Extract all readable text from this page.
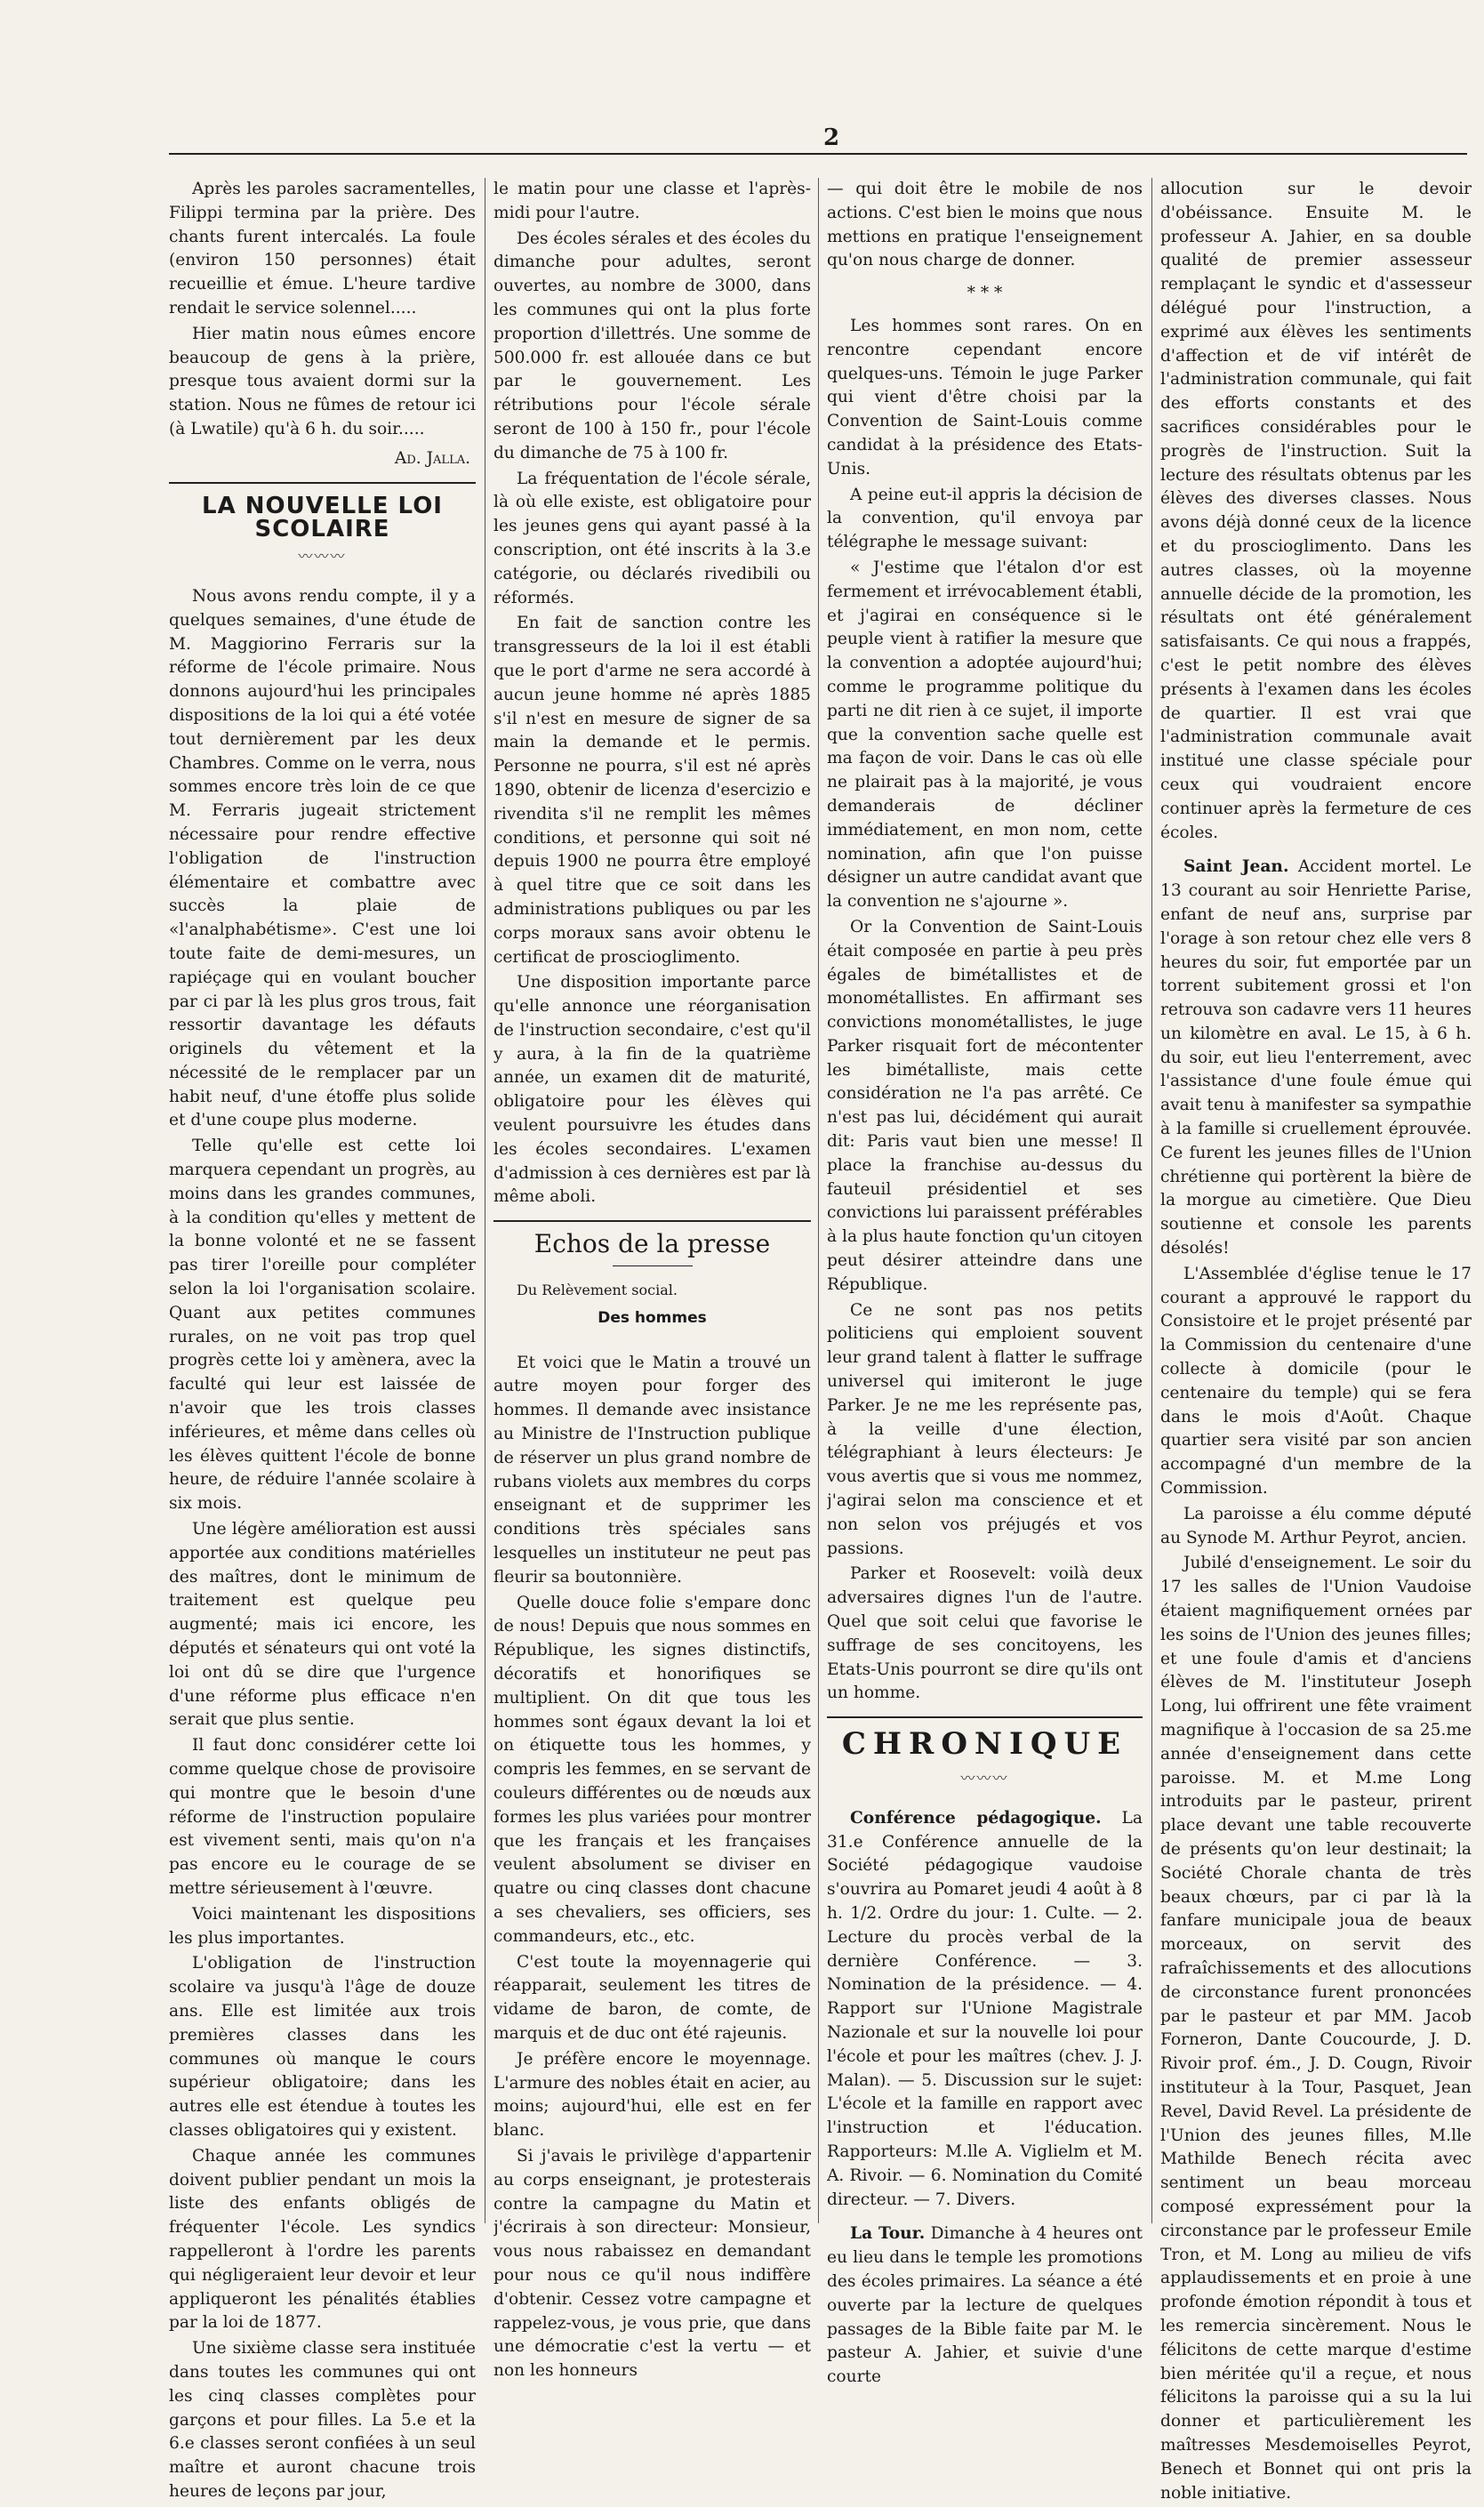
2

Après les paroles sacramentelles, Filippi termina par la prière. Des chants furent intercalés. La foule (environ 150 personnes) était recueillie et émue. L'heure tardive rendait le service solennel.....

Hier matin nous eûmes encore beaucoup de gens à la prière, presque tous avaient dormi sur la station. Nous ne fûmes de retour ici (à Lwatile) qu'à 6 h. du soir.....

Ad. Jalla.
LA NOUVELLE LOI SCOLAIRE
〰〰〰

Nous avons rendu compte, il y a quelques semaines, d'une étude de M. Maggiorino Ferraris sur la réforme de l'école primaire. Nous donnons aujourd'hui les principales dispositions de la loi qui a été votée tout dernièrement par les deux Chambres. Comme on le verra, nous sommes encore très loin de ce que M. Ferraris jugeait strictement nécessaire pour rendre effective l'obligation de l'instruction élémentaire et combattre avec succès la plaie de «l'analphabétisme». C'est une loi toute faite de demi-mesures, un rapiéçage qui en voulant boucher par ci par là les plus gros trous, fait ressortir davantage les défauts originels du vêtement et la nécessité de le remplacer par un habit neuf, d'une étoffe plus solide et d'une coupe plus moderne.

Telle qu'elle est cette loi marquera cependant un progrès, au moins dans les grandes communes, à la condition qu'elles y mettent de la bonne volonté et ne se fassent pas tirer l'oreille pour compléter selon la loi l'organisation scolaire. Quant aux petites communes rurales, on ne voit pas trop quel progrès cette loi y amènera, avec la faculté qui leur est laissée de n'avoir que les trois classes inférieures, et même dans celles où les élèves quittent l'école de bonne heure, de réduire l'année scolaire à six mois.

Une légère amélioration est aussi apportée aux conditions matérielles des maîtres, dont le minimum de traitement est quelque peu augmenté; mais ici encore, les députés et sénateurs qui ont voté la loi ont dû se dire que l'urgence d'une réforme plus efficace n'en serait que plus sentie.

Il faut donc considérer cette loi comme quelque chose de provisoire qui montre que le besoin d'une réforme de l'instruction populaire est vivement senti, mais qu'on n'a pas encore eu le courage de se mettre sérieusement à l'œuvre.

Voici maintenant les dispositions les plus importantes.

L'obligation de l'instruction scolaire va jusqu'à l'âge de douze ans. Elle est limitée aux trois premières classes dans les communes où manque le cours supérieur obligatoire; dans les autres elle est étendue à toutes les classes obligatoires qui y existent.

Chaque année les communes doivent publier pendant un mois la liste des enfants obligés de fréquenter l'école. Les syndics rappelleront à l'ordre les parents qui négligeraient leur devoir et leur appliqueront les pénalités établies par la loi de 1877.

Une sixième classe sera instituée dans toutes les communes qui ont les cinq classes complètes pour garçons et pour filles. La 5.e et la 6.e classes seront confiées à un seul maître et auront chacune trois heures de leçons par jour,

le matin pour une classe et l'après-midi pour l'autre.

Des écoles sérales et des écoles du dimanche pour adultes, seront ouvertes, au nombre de 3000, dans les communes qui ont la plus forte proportion d'illettrés. Une somme de 500.000 fr. est allouée dans ce but par le gouvernement. Les rétributions pour l'école sérale seront de 100 à 150 fr., pour l'école du dimanche de 75 à 100 fr.

La fréquentation de l'école sérale, là où elle existe, est obligatoire pour les jeunes gens qui ayant passé à la conscription, ont été inscrits à la 3.e catégorie, ou déclarés rivedibili ou réformés.

En fait de sanction contre les transgresseurs de la loi il est établi que le port d'arme ne sera accordé à aucun jeune homme né après 1885 s'il n'est en mesure de signer de sa main la demande et le permis. Personne ne pourra, s'il est né après 1890, obtenir de licenza d'esercizio e rivendita s'il ne remplit les mêmes conditions, et personne qui soit né depuis 1900 ne pourra être employé à quel titre que ce soit dans les administrations publiques ou par les corps moraux sans avoir obtenu le certificat de proscioglimento.

Une disposition importante parce qu'elle annonce une réorganisation de l'instruction secondaire, c'est qu'il y aura, à la fin de la quatrième année, un examen dit de maturité, obligatoire pour les élèves qui veulent poursuivre les études dans les écoles secondaires. L'examen d'admission à ces dernières est par là même aboli.

Echos de la presse
Du Relèvement social.
Des hommes

Et voici que le Matin a trouvé un autre moyen pour forger des hommes. Il demande avec insistance au Ministre de l'Instruction publique de réserver un plus grand nombre de rubans violets aux membres du corps enseignant et de supprimer les conditions très spéciales sans lesquelles un instituteur ne peut pas fleurir sa boutonnière.

Quelle douce folie s'empare donc de nous! Depuis que nous sommes en République, les signes distinctifs, décoratifs et honorifiques se multiplient. On dit que tous les hommes sont égaux devant la loi et on étiquette tous les hommes, y compris les femmes, en se servant de couleurs différentes ou de nœuds aux formes les plus variées pour montrer que les français et les françaises veulent absolument se diviser en quatre ou cinq classes dont chacune a ses chevaliers, ses officiers, ses commandeurs, etc., etc.

C'est toute la moyennagerie qui réapparait, seulement les titres de vidame de baron, de comte, de marquis et de duc ont été rajeunis.

Je préfère encore le moyennage. L'armure des nobles était en acier, au moins; aujourd'hui, elle est en fer blanc.

Si j'avais le privilège d'appartenir au corps enseignant, je protesterais contre la campagne du Matin et j'écrirais à son directeur: Monsieur, vous nous rabaissez en demandant pour nous ce qu'il nous indiffère d'obtenir. Cessez votre campagne et rappelez-vous, je vous prie, que dans une démocratie c'est la vertu — et non les honneurs

— qui doit être le mobile de nos actions. C'est bien le moins que nous mettions en pratique l'enseignement qu'on nous charge de donner.

* * *

Les hommes sont rares. On en rencontre cependant encore quelques-uns. Témoin le juge Parker qui vient d'être choisi par la Convention de Saint-Louis comme candidat à la présidence des Etats-Unis.

A peine eut-il appris la décision de la convention, qu'il envoya par télégraphe le message suivant:

« J'estime que l'étalon d'or est fermement et irrévocablement établi, et j'agirai en conséquence si le peuple vient à ratifier la mesure que la convention a adoptée aujourd'hui; comme le programme politique du parti ne dit rien à ce sujet, il importe que la convention sache quelle est ma façon de voir. Dans le cas où elle ne plairait pas à la majorité, je vous demanderais de décliner immédiatement, en mon nom, cette nomination, afin que l'on puisse désigner un autre candidat avant que la convention ne s'ajourne ».

Or la Convention de Saint-Louis était composée en partie à peu près égales de bimétallistes et de monométallistes. En affirmant ses convictions monométallistes, le juge Parker risquait fort de mécontenter les bimétalliste, mais cette considération ne l'a pas arrêté. Ce n'est pas lui, décidément qui aurait dit: Paris vaut bien une messe! Il place la franchise au-dessus du fauteuil présidentiel et ses convictions lui paraissent préférables à la plus haute fonction qu'un citoyen peut désirer atteindre dans une République.

Ce ne sont pas nos petits politiciens qui emploient souvent leur grand talent à flatter le suffrage universel qui imiteront le juge Parker. Je ne me les représente pas, à la veille d'une élection, télégraphiant à leurs électeurs: Je vous avertis que si vous me nommez, j'agirai selon ma conscience et et non selon vos préjugés et vos passions.

Parker et Roosevelt: voilà deux adversaires dignes l'un de l'autre. Quel que soit celui que favorise le suffrage de ses concitoyens, les Etats-Unis pourront se dire qu'ils ont un homme.

CHRONIQUE
〰〰〰

Conférence pédagogique. La 31.e Conférence annuelle de la Société pédagogique vaudoise s'ouvrira au Pomaret jeudi 4 août à 8 h. 1/2. Ordre du jour: 1. Culte. — 2. Lecture du procès verbal de la dernière Conférence. — 3. Nomination de la présidence. — 4. Rapport sur l'Unione Magistrale Nazionale et sur la nouvelle loi pour l'école et pour les maîtres (chev. J. J. Malan). — 5. Discussion sur le sujet: L'école et la famille en rapport avec l'instruction et l'éducation. Rapporteurs: M.lle A. Viglielm et M. A. Rivoir. — 6. Nomination du Comité directeur. — 7. Divers.

La Tour. Dimanche à 4 heures ont eu lieu dans le temple les promotions des écoles primaires. La séance a été ouverte par la lecture de quelques passages de la Bible faite par M. le pasteur A. Jahier, et suivie d'une courte

allocution sur le devoir d'obéissance. Ensuite M. le professeur A. Jahier, en sa double qualité de premier assesseur remplaçant le syndic et d'assesseur délégué pour l'instruction, a exprimé aux élèves les sentiments d'affection et de vif intérêt de l'administration communale, qui fait des efforts constants et des sacrifices considérables pour le progrès de l'instruction. Suit la lecture des résultats obtenus par les élèves des diverses classes. Nous avons déjà donné ceux de la licence et du proscioglimento. Dans les autres classes, où la moyenne annuelle décide de la promotion, les résultats ont été généralement satisfaisants. Ce qui nous a frappés, c'est le petit nombre des élèves présents à l'examen dans les écoles de quartier. Il est vrai que l'administration communale avait institué une classe spéciale pour ceux qui voudraient encore continuer après la fermeture de ces écoles.

Saint Jean. Accident mortel. Le 13 courant au soir Henriette Parise, enfant de neuf ans, surprise par l'orage à son retour chez elle vers 8 heures du soir, fut emportée par un torrent subitement grossi et l'on retrouva son cadavre vers 11 heures un kilomètre en aval. Le 15, à 6 h. du soir, eut lieu l'enterrement, avec l'assistance d'une foule émue qui avait tenu à manifester sa sympathie à la famille si cruellement éprouvée. Ce furent les jeunes filles de l'Union chrétienne qui portèrent la bière de la morgue au cimetière. Que Dieu soutienne et console les parents désolés!

L'Assemblée d'église tenue le 17 courant a approuvé le rapport du Consistoire et le projet présenté par la Commission du centenaire d'une collecte à domicile (pour le centenaire du temple) qui se fera dans le mois d'Août. Chaque quartier sera visité par son ancien accompagné d'un membre de la Commission.

La paroisse a élu comme député au Synode M. Arthur Peyrot, ancien.

Jubilé d'enseignement. Le soir du 17 les salles de l'Union Vaudoise étaient magnifiquement ornées par les soins de l'Union des jeunes filles; et une foule d'amis et d'anciens élèves de M. l'instituteur Joseph Long, lui offrirent une fête vraiment magnifique à l'occasion de sa 25.me année d'enseignement dans cette paroisse. M. et M.me Long introduits par le pasteur, prirent place devant une table recouverte de présents qu'on leur destinait; la Société Chorale chanta de très beaux chœurs, par ci par là la fanfare municipale joua de beaux morceaux, on servit des rafraîchissements et des allocutions de circonstance furent prononcées par le pasteur et par MM. Jacob Forneron, Dante Coucourde, J. D. Rivoir prof. ém., J. D. Cougn, Rivoir instituteur à la Tour, Pasquet, Jean Revel, David Revel. La présidente de l'Union des jeunes filles, M.lle Mathilde Benech récita avec sentiment un beau morceau composé expressément pour la circonstance par le professeur Emile Tron, et M. Long au milieu de vifs applaudissements et en proie à une profonde émotion répondit à tous et les remercia sincèrement. Nous le félicitons de cette marque d'estime bien méritée qu'il a reçue, et nous félicitons la paroisse qui a su la lui donner et particulièrement les maîtresses Mesdemoiselles Peyrot, Benech et Bonnet qui ont pris la noble initiative.
